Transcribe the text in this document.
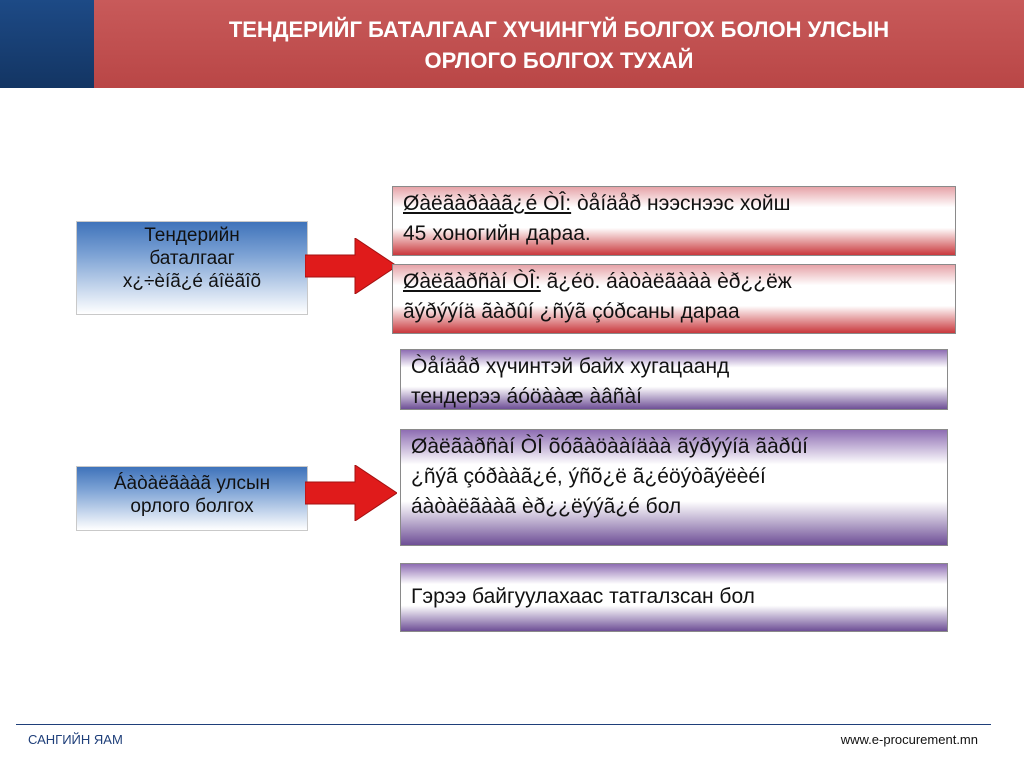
ТЕНДЕРИЙГ БАТАЛГААГ ХҮЧИНГҮЙ БОЛГОХ БОЛОН УЛСЫН
ОРЛОГО БОЛГОХ ТУХАЙ
Тендерийн
баталгааг
х¿÷èíã¿é áîëãîõ
Áàòàëãààã улсын
орлого болгох
Øàëãàðààã¿é ÒÎ: òåíäåð нээснээс хойш
45 хоногийн дараа.
Øàëãàðñàí ÒÎ: ã¿éö. áàòàëãààà èð¿¿ëж
ãýðýýíä ãàðûí ¿ñýã çóðсаны дараа
Òåíäåð хүчинтэй байх хугацаанд
тендерээ áóöààæ àâñàí
Øàëãàðñàí ÒÎ õóãàöààíäàà ãýðýýíä ãàðûí
¿ñýã çóðààã¿é, ýñõ¿ë ã¿éöýòãýëèéí
áàòàëãààã èð¿¿ëýýã¿é бол
Гэрээ байгуулахаас татгалзсан бол
САНГИЙН ЯАМ	www.e-procurement.mn
